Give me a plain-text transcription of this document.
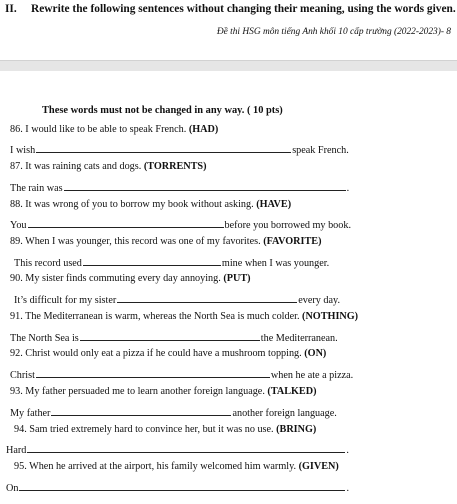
II. Rewrite the following sentences without changing their meaning, using the words given.
Đề thi HSG môn tiếng Anh khối 10 cấp trường (2022-2023)- 8
These words must not be changed in any way. ( 10 pts)
86. I would like to be able to speak French. (HAD)
I wish	speak French.
87. It was raining cats and dogs. (TORRENTS)
The rain was	.
88. It was wrong of you to borrow my book without asking. (HAVE)
You	before you borrowed my book.
89. When I was younger, this record was one of my favorites. (FAVORITE)
This record used	mine when I was younger.
90. My sister finds commuting every day annoying. (PUT)
It’s difficult for my sister	every day.
91. The Mediterranean is warm, whereas the North Sea is much colder. (NOTHING)
The North Sea is	the Mediterranean.
92. Christ would only eat a pizza if he could have a mushroom topping. (ON)
Christ	when he ate a pizza.
93. My father persuaded me to learn another foreign language. (TALKED)
My father	another foreign language.
94. Sam tried extremely hard to convince her, but it was no use. (BRING)
Hard	.
95. When he arrived at the airport, his family welcomed him warmly. (GIVEN)
On	.
